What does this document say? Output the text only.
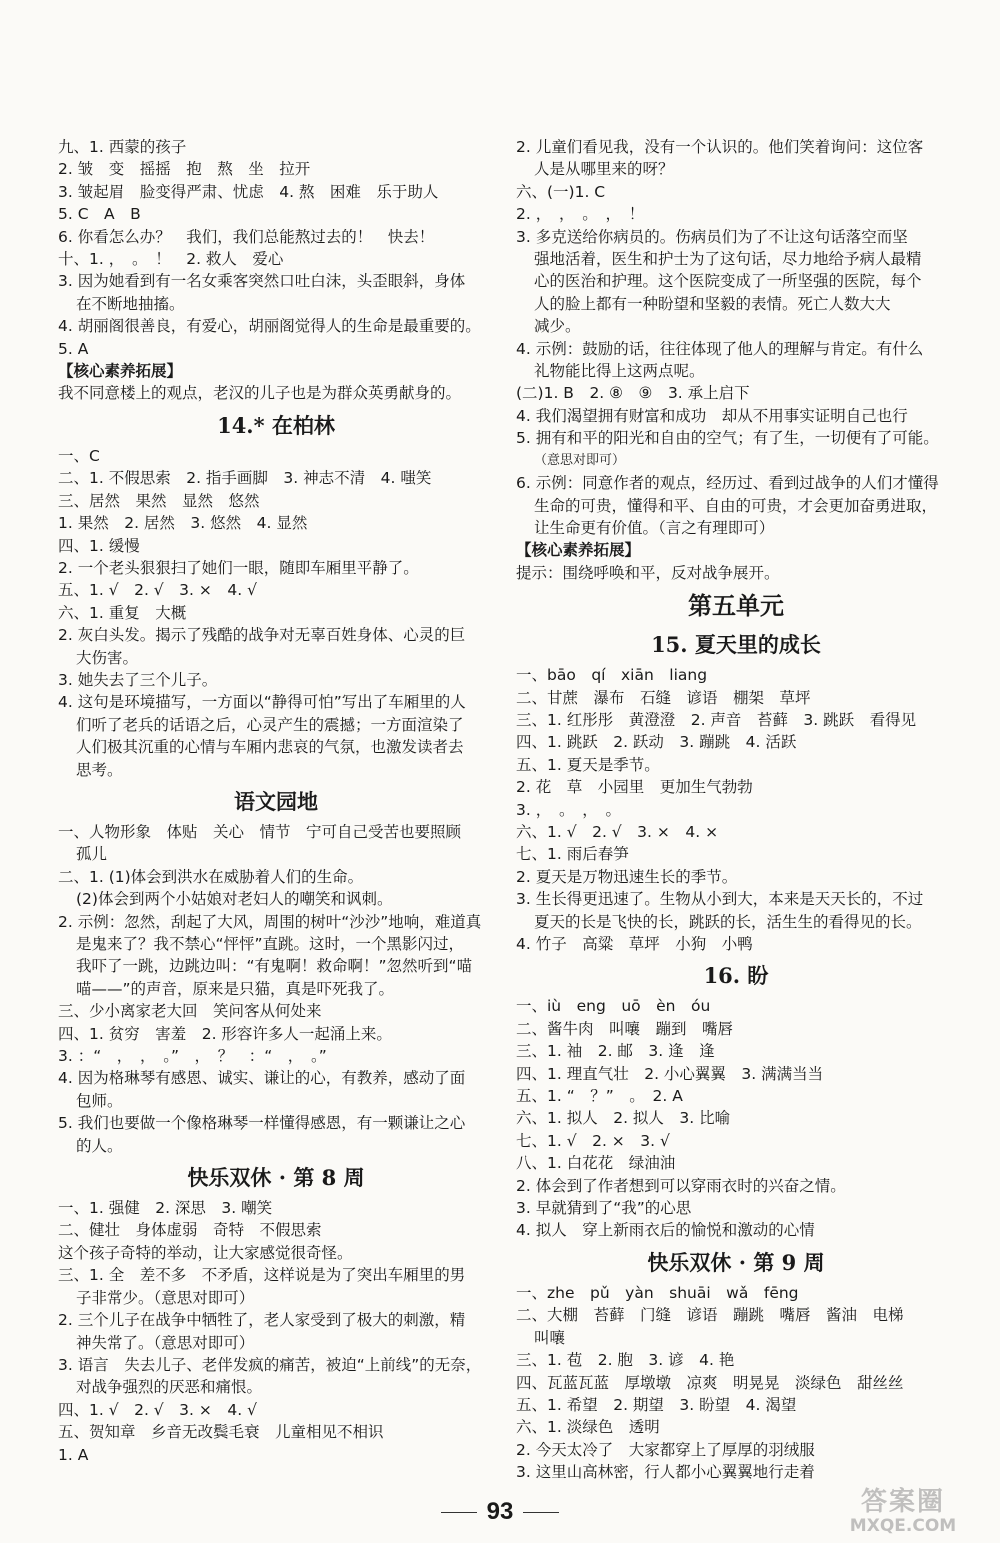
九、1. 西蒙的孩子
2. 皱　变　摇摇　抱　熬　坐　拉开
3. 皱起眉　脸变得严肃、忧虑　4. 熬　困难　乐于助人
5. C　A　B
6. 你看怎么办？　我们，我们总能熬过去的！　快去！
十、1. ，　。　！　2. 救人　爱心
3. 因为她看到有一名女乘客突然口吐白沫，头歪眼斜，身体
在不断地抽搐。
4. 胡丽阁很善良，有爱心，胡丽阁觉得人的生命是最重要的。
5. A
【核心素养拓展】
我不同意楼上的观点，老汉的儿子也是为群众英勇献身的。
14.* 在柏林
一、C
二、1. 不假思索　2. 指手画脚　3. 神志不清　4. 嗤笑
三、居然　果然　显然　悠然
1. 果然　2. 居然　3. 悠然　4. 显然
四、1. 缓慢
2. 一个老头狠狠扫了她们一眼，随即车厢里平静了。
五、1. √　2. √　3. ×　4. √
六、1. 重复　大概
2. 灰白头发。揭示了残酷的战争对无辜百姓身体、心灵的巨
大伤害。
3. 她失去了三个儿子。
4. 这句是环境描写，一方面以“静得可怕”写出了车厢里的人
们听了老兵的话语之后，心灵产生的震撼；一方面渲染了
人们极其沉重的心情与车厢内悲哀的气氛，也激发读者去
思考。
语文园地
一、人物形象　体贴　关心　情节　宁可自己受苦也要照顾
孤儿
二、1. (1)体会到洪水在威胁着人们的生命。
(2)体会到两个小姑娘对老妇人的嘲笑和讽刺。
2. 示例：忽然，刮起了大风，周围的树叶“沙沙”地响，难道真
是鬼来了？我不禁心“怦怦”直跳。这时，一个黑影闪过，
我吓了一跳，边跳边叫：“有鬼啊！救命啊！”忽然听到“喵
喵——”的声音，原来是只猫，真是吓死我了。
三、少小离家老大回　笑问客从何处来
四、1. 贫穷　害羞　2. 形容许多人一起涌上来。
3. ：“　，　，　。”　，　？　：“　，　。”
4. 因为格琳琴有感恩、诚实、谦让的心，有教养，感动了面
包师。
5. 我们也要做一个像格琳琴一样懂得感恩，有一颗谦让之心
的人。
快乐双休 · 第 8 周
一、1. 强健　2. 深思　3. 嘲笑
二、健壮　身体虚弱　奇特　不假思索
这个孩子奇特的举动，让大家感觉很奇怪。
三、1. 全　差不多　不矛盾，这样说是为了突出车厢里的男
子非常少。（意思对即可）
2. 三个儿子在战争中牺牲了，老人家受到了极大的刺激，精
神失常了。（意思对即可）
3. 语言　失去儿子、老伴发疯的痛苦，被迫“上前线”的无奈，
对战争强烈的厌恶和痛恨。
四、1. √　2. √　3. ×　4. √
五、贺知章　乡音无改鬓毛衰　儿童相见不相识
1. A
2. 儿童们看见我，没有一个认识的。他们笑着询问：这位客
人是从哪里来的呀？
六、(一)1. C
2. ，　，　。　，　！
3. 多克送给你病员的。伤病员们为了不让这句话落空而坚
强地活着，医生和护士为了这句话，尽力地给予病人最精
心的医治和护理。这个医院变成了一所坚强的医院，每个
人的脸上都有一种盼望和坚毅的表情。死亡人数大大
减少。
4. 示例：鼓励的话，往往体现了他人的理解与肯定。有什么
礼物能比得上这两点呢。
(二)1. B　2. ⑧　⑨　3. 承上启下
4. 我们渴望拥有财富和成功　却从不用事实证明自己也行
5. 拥有和平的阳光和自由的空气；有了生，一切便有了可能。
（意思对即可）
6. 示例：同意作者的观点，经历过、看到过战争的人们才懂得
生命的可贵，懂得和平、自由的可贵，才会更加奋勇进取，
让生命更有价值。（言之有理即可）
【核心素养拓展】
提示：围绕呼唤和平，反对战争展开。
第五单元
15. 夏天里的成长
一、bāo　qí　xiān　liang
二、甘蔗　瀑布　石缝　谚语　棚架　草坪
三、1. 红彤彤　黄澄澄　2. 声音　苔藓　3. 跳跃　看得见
四、1. 跳跃　2. 跃动　3. 蹦跳　4. 活跃
五、1. 夏天是季节。
2. 花　草　小园里　更加生气勃勃
3. ，　。　，　。
六、1. √　2. √　3. ×　4. ×
七、1. 雨后春笋
2. 夏天是万物迅速生长的季节。
3. 生长得更迅速了。生物从小到大，本来是天天长的，不过
夏天的长是飞快的长，跳跃的长，活生生的看得见的长。
4. 竹子　高粱　草坪　小狗　小鸭
16. 盼
一、iù　eng　uō　èn　óu
二、酱牛肉　叫嚷　蹦到　嘴唇
三、1. 袖　2. 邮　3. 逢　逢
四、1. 理直气壮　2. 小心翼翼　3. 满满当当
五、1. “　？”　。　2. A
六、1. 拟人　2. 拟人　3. 比喻
七、1. √　2. ×　3. √
八、1. 白花花　绿油油
2. 体会到了作者想到可以穿雨衣时的兴奋之情。
3. 早就猜到了“我”的心思
4. 拟人　穿上新雨衣后的愉悦和激动的心情
快乐双休 · 第 9 周
一、zhe　pǔ　yàn　shuāi　wǎ　fēng
二、大棚　苔藓　门缝　谚语　蹦跳　嘴唇　酱油　电梯
叫嚷
三、1. 苞　2. 胞　3. 谚　4. 艳
四、瓦蓝瓦蓝　厚墩墩　凉爽　明晃晃　淡绿色　甜丝丝
五、1. 希望　2. 期望　3. 盼望　4. 渴望
六、1. 淡绿色　透明
2. 今天太冷了　大家都穿上了厚厚的羽绒服
3. 这里山高林密，行人都小心翼翼地行走着
93	答案圈
MXQE.COM
